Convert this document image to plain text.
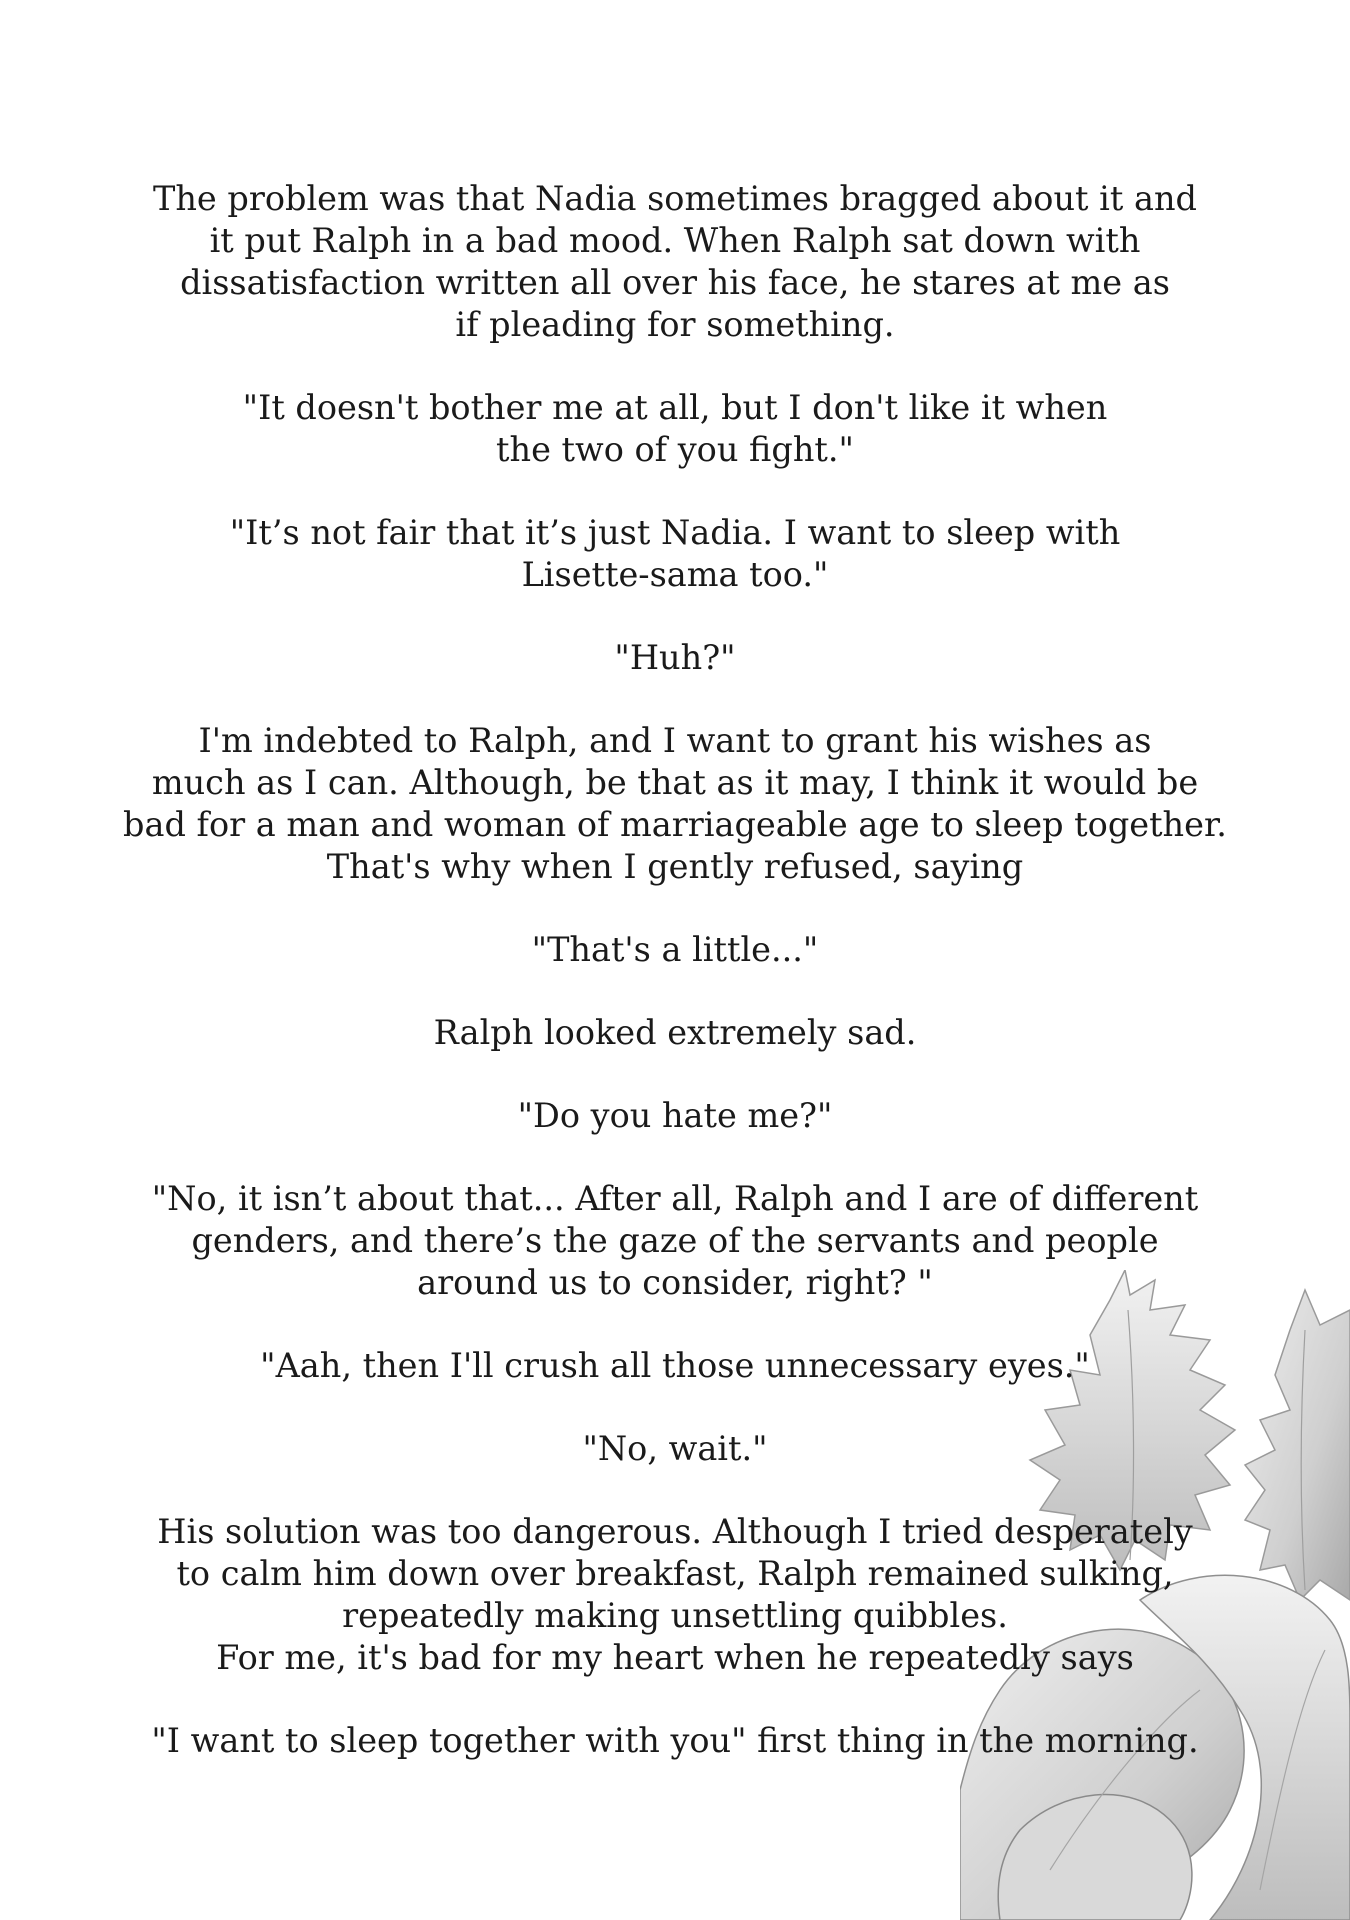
The problem was that Nadia sometimes bragged about it and
it put Ralph in a bad mood. When Ralph sat down with
dissatisfaction written all over his face, he stares at me as
if pleading for something.

"It doesn't bother me at all, but I don't like it when
the two of you fight."

"It’s not fair that it’s just Nadia. I want to sleep with
Lisette-sama too."

"Huh?"

I'm indebted to Ralph, and I want to grant his wishes as
much as I can. Although, be that as it may, I think it would be
bad for a man and woman of marriageable age to sleep together.
That's why when I gently refused, saying

"That's a little..."

Ralph looked extremely sad.

"Do you hate me?"

"No, it isn’t about that... After all, Ralph and I are of different
genders, and there’s the gaze of the servants and people
around us to consider, right? "

"Aah, then I'll crush all those unnecessary eyes."

"No, wait."

His solution was too dangerous. Although I tried desperately
to calm him down over breakfast, Ralph remained sulking,
repeatedly making unsettling quibbles.
For me, it's bad for my heart when he repeatedly says

"I want to sleep together with you" first thing in the morning.
